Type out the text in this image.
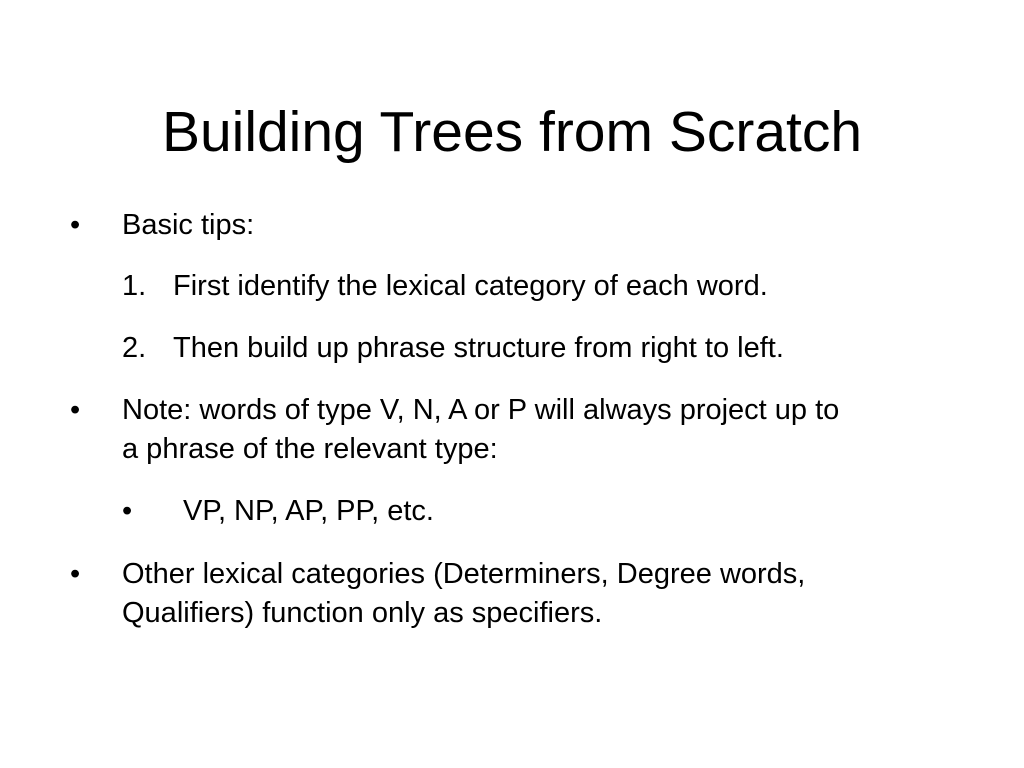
Building Trees from Scratch
• Basic tips:
1. First identify the lexical category of each word.
2. Then build up phrase structure from right to left.
• Note: words of type V, N, A or P will always project up to
a phrase of the relevant type:
• VP, NP, AP, PP, etc.
• Other lexical categories (Determiners, Degree words,
Qualifiers) function only as specifiers.
